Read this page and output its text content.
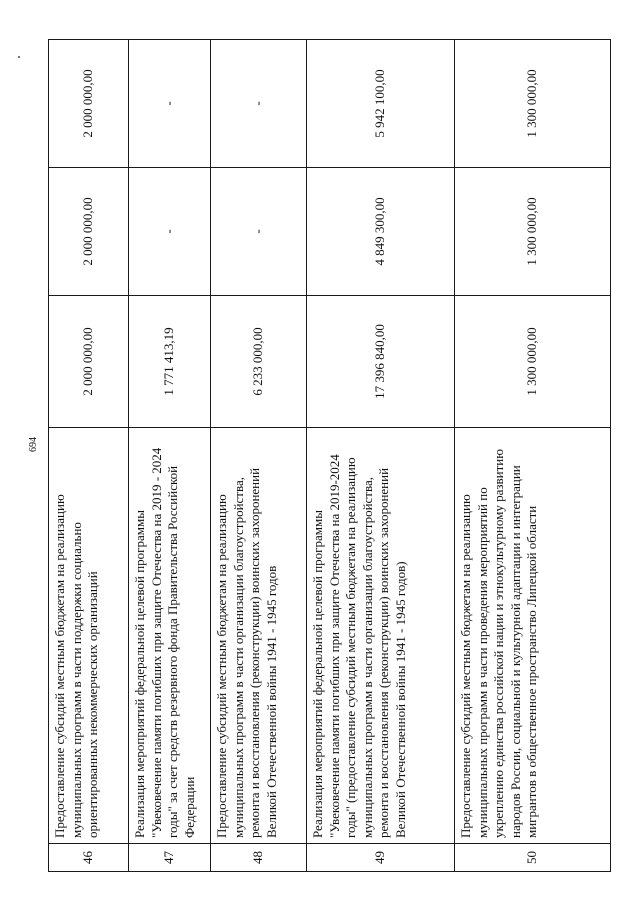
694
46	Предоставление субсидий местным бюджетам на реализацию муниципальных программ в части поддержки социально ориентированных некоммерческих организаций	2 000 000,00	2 000 000,00	2 000 000,00
47	Реализация мероприятий федеральной целевой программы "Увековечение памяти погибших при защите Отечества на 2019 - 2024 годы" за счет средств резервного фонда Правительства Российской Федерации	1 771 413,19	-	-
48	Предоставление субсидий местным бюджетам на реализацию муниципальных программ в части организации благоустройства, ремонта и восстановления (реконструкции) воинских захоронений Великой Отечественной войны 1941 - 1945 годов	6 233 000,00	-	-
49	Реализация мероприятий федеральной целевой программы "Увековечение памяти погибших при защите Отечества на 2019-2024 годы" (предоставление субсидий местным бюджетам на реализацию муниципальных программ в части организации благоустройства, ремонта и восстановления (реконструкции) воинских захоронений Великой Отечественной войны 1941 - 1945 годов)	17 396 840,00	4 849 300,00	5 942 100,00
50	Предоставление субсидий местным бюджетам на реализацию муниципальных программ в части проведения мероприятий по укреплению единства российской нации и этнокультурному развитию народов России, социальной и культурной адаптации и интеграции мигрантов в общественное пространство Липецкой области	1 300 000,00	1 300 000,00	1 300 000,00
